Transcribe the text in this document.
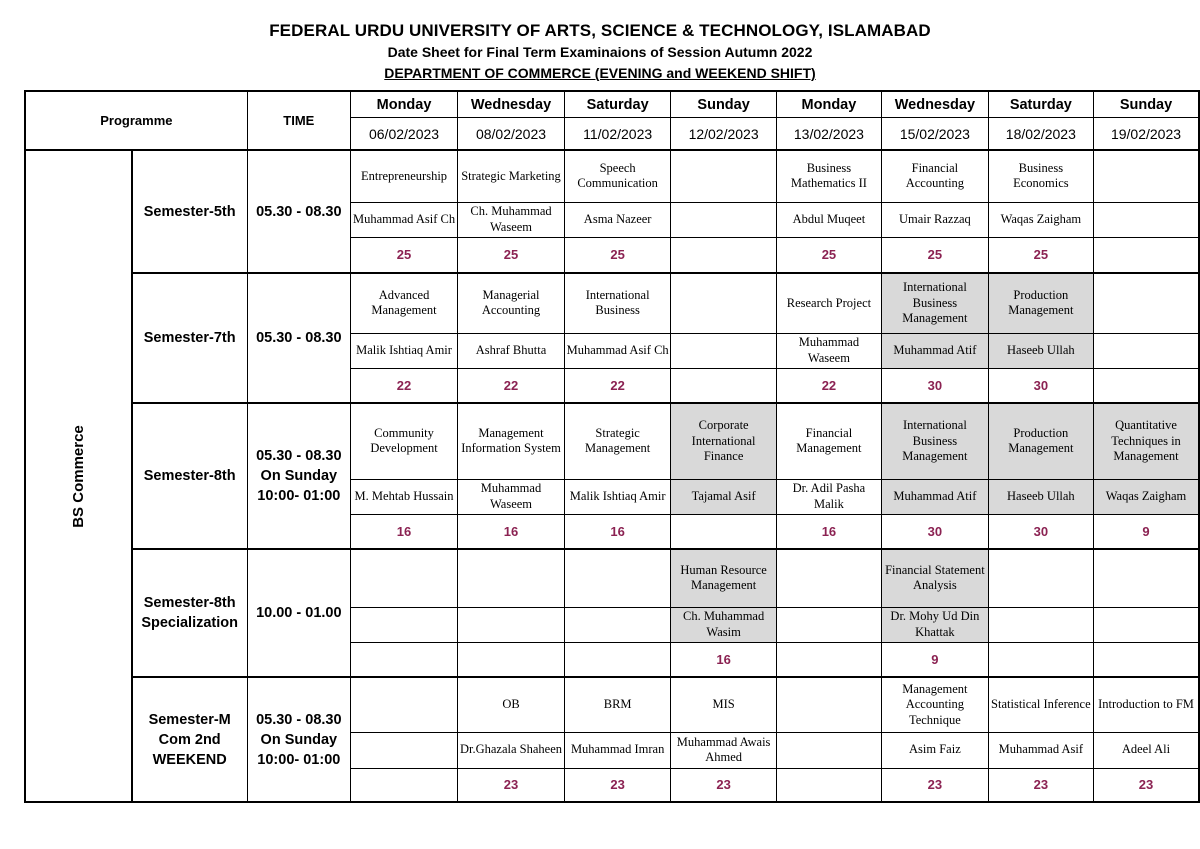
FEDERAL URDU UNIVERSITY OF ARTS, SCIENCE & TECHNOLOGY, ISLAMABAD
Date Sheet for Final Term Examinaions of Session Autumn 2022
DEPARTMENT OF COMMERCE (EVENING and WEEKEND SHIFT)
Programme		TIME	Monday	Wednesday	Saturday	Sunday	Monday	Wednesday	Saturday	Sunday
			06/02/2023	08/02/2023	11/02/2023	12/02/2023	13/02/2023	15/02/2023	18/02/2023	19/02/2023
BS Commerce	Semester-5th	05.30 - 08.30	Entrepreneurship	Strategic Marketing	Speech Communication		Business Mathematics II	Financial Accounting	Business Economics	
			Muhammad Asif Ch	Ch. Muhammad Waseem	Asma Nazeer		Abdul Muqeet	Umair Razzaq	Waqas Zaigham	
			25	25	25		25	25	25	
	Semester-7th	05.30 - 08.30	Advanced Management	Managerial Accounting	International Business		Research Project	International Business Management	Production Management	
			Malik Ishtiaq Amir	Ashraf Bhutta	Muhammad Asif Ch		Muhammad Waseem	Muhammad Atif	Haseeb Ullah	
			22	22	22		22	30	30	
	Semester-8th	05.30 - 08.30
On Sunday
10:00- 01:00	Community Development	Management Information System	Strategic Management	Corporate International Finance	Financial Management	International Business Management	Production Management	Quantitative Techniques in Management
			M. Mehtab Hussain	Muhammad Waseem	Malik Ishtiaq Amir	Tajamal Asif	Dr. Adil Pasha Malik	Muhammad Atif	Haseeb Ullah	Waqas Zaigham
			16	16	16		16	30	30	9
	Semester-8th
Specialization	10.00 - 01.00				Human Resource Management		Financial Statement Analysis		
						Ch. Muhammad Wasim		Dr. Mohy Ud Din Khattak		
						16		9		
	Semester-M
Com 2nd
WEEKEND	05.30 - 08.30
On Sunday
10:00- 01:00		OB	BRM	MIS		Management Accounting Technique	Statistical Inference	Introduction to FM
				Dr.Ghazala Shaheen	Muhammad Imran	Muhammad Awais Ahmed		Asim Faiz	Muhammad Asif	Adeel Ali
				23	23	23		23	23	23
